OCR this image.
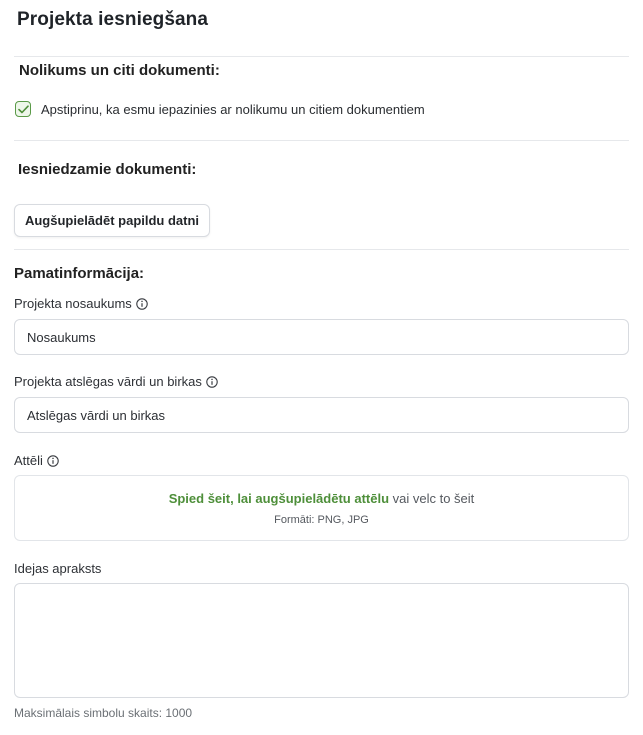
Projekta iesniegšana
Nolikums un citi dokumenti:
Apstiprinu, ka esmu iepazinies ar nolikumu un citiem dokumentiem
Iesniedzamie dokumenti:
Augšupielādēt papildu datni
Pamatinformācija:
Projekta nosaukums
Nosaukums
Projekta atslēgas vārdi un birkas
Atslēgas vārdi un birkas
Attēli
Spied šeit, lai augšupielādētu attēlu vai velc to šeit
Formāti: PNG, JPG
Idejas apraksts
Maksimālais simbolu skaits: 1000
